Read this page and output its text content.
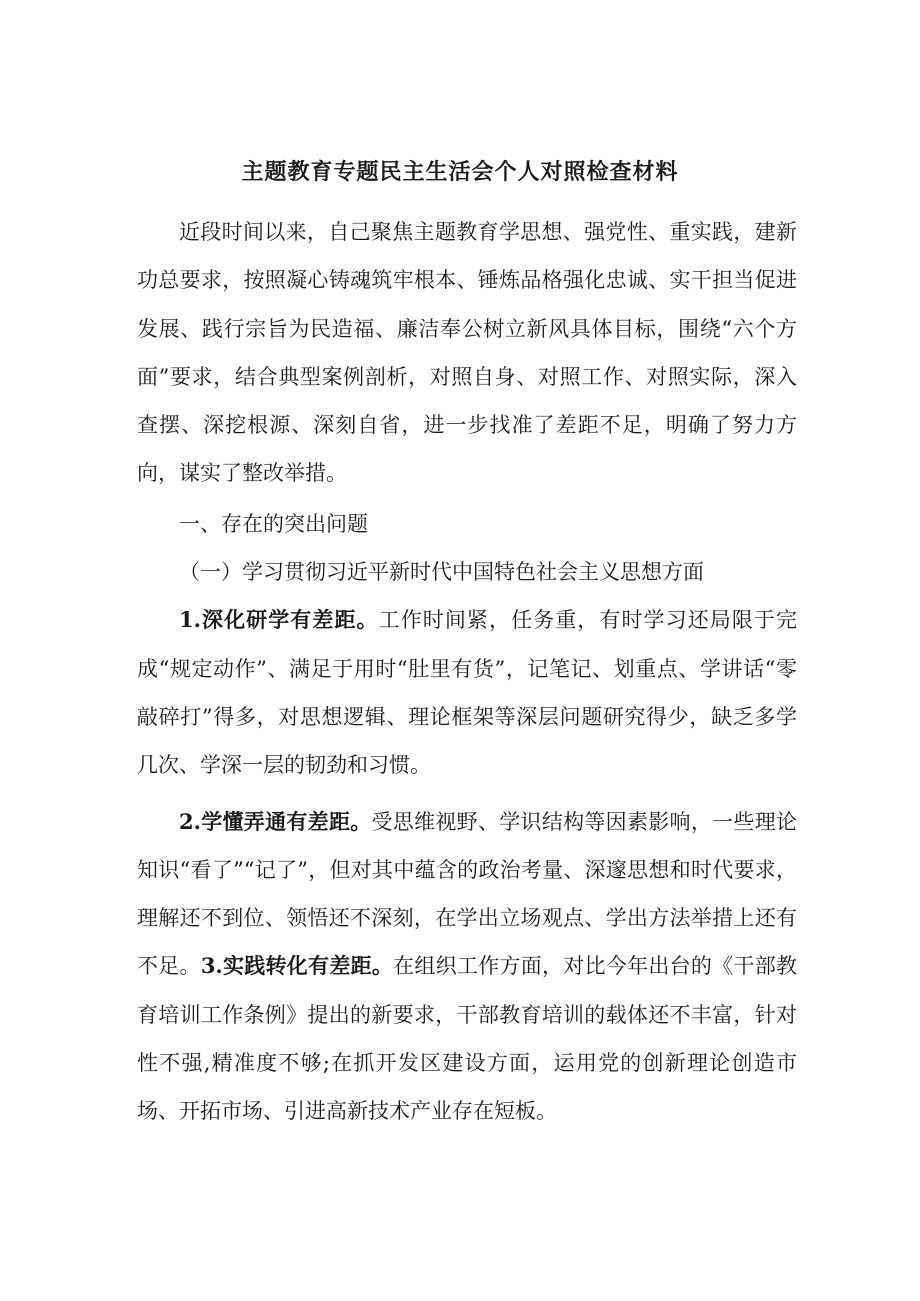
主题教育专题民主生活会个人对照检查材料

近段时间以来，自己聚焦主题教育学思想、强党性、重实践，建新功总要求，按照凝心铸魂筑牢根本、锤炼品格强化忠诚、实干担当促进发展、践行宗旨为民造福、廉洁奉公树立新风具体目标，围绕“六个方面”要求，结合典型案例剖析，对照自身、对照工作、对照实际，深入查摆、深挖根源、深刻自省，进一步找准了差距不足，明确了努力方向，谋实了整改举措。

一、存在的突出问题

（一）学习贯彻习近平新时代中国特色社会主义思想方面

1.深化研学有差距。工作时间紧，任务重，有时学习还局限于完成“规定动作”、满足于用时“肚里有货”，记笔记、划重点、学讲话“零敲碎打”得多，对思想逻辑、理论框架等深层问题研究得少，缺乏多学几次、学深一层的韧劲和习惯。

2.学懂弄通有差距。受思维视野、学识结构等因素影响，一些理论知识“看了”“记了”，但对其中蕴含的政治考量、深邃思想和时代要求，理解还不到位、领悟还不深刻，在学出立场观点、学出方法举措上还有不足。3.实践转化有差距。在组织工作方面，对比今年出台的《干部教育培训工作条例》提出的新要求，干部教育培训的载体还不丰富，针对性不强,精准度不够;在抓开发区建设方面，运用党的创新理论创造市场、开拓市场、引进高新技术产业存在短板。
